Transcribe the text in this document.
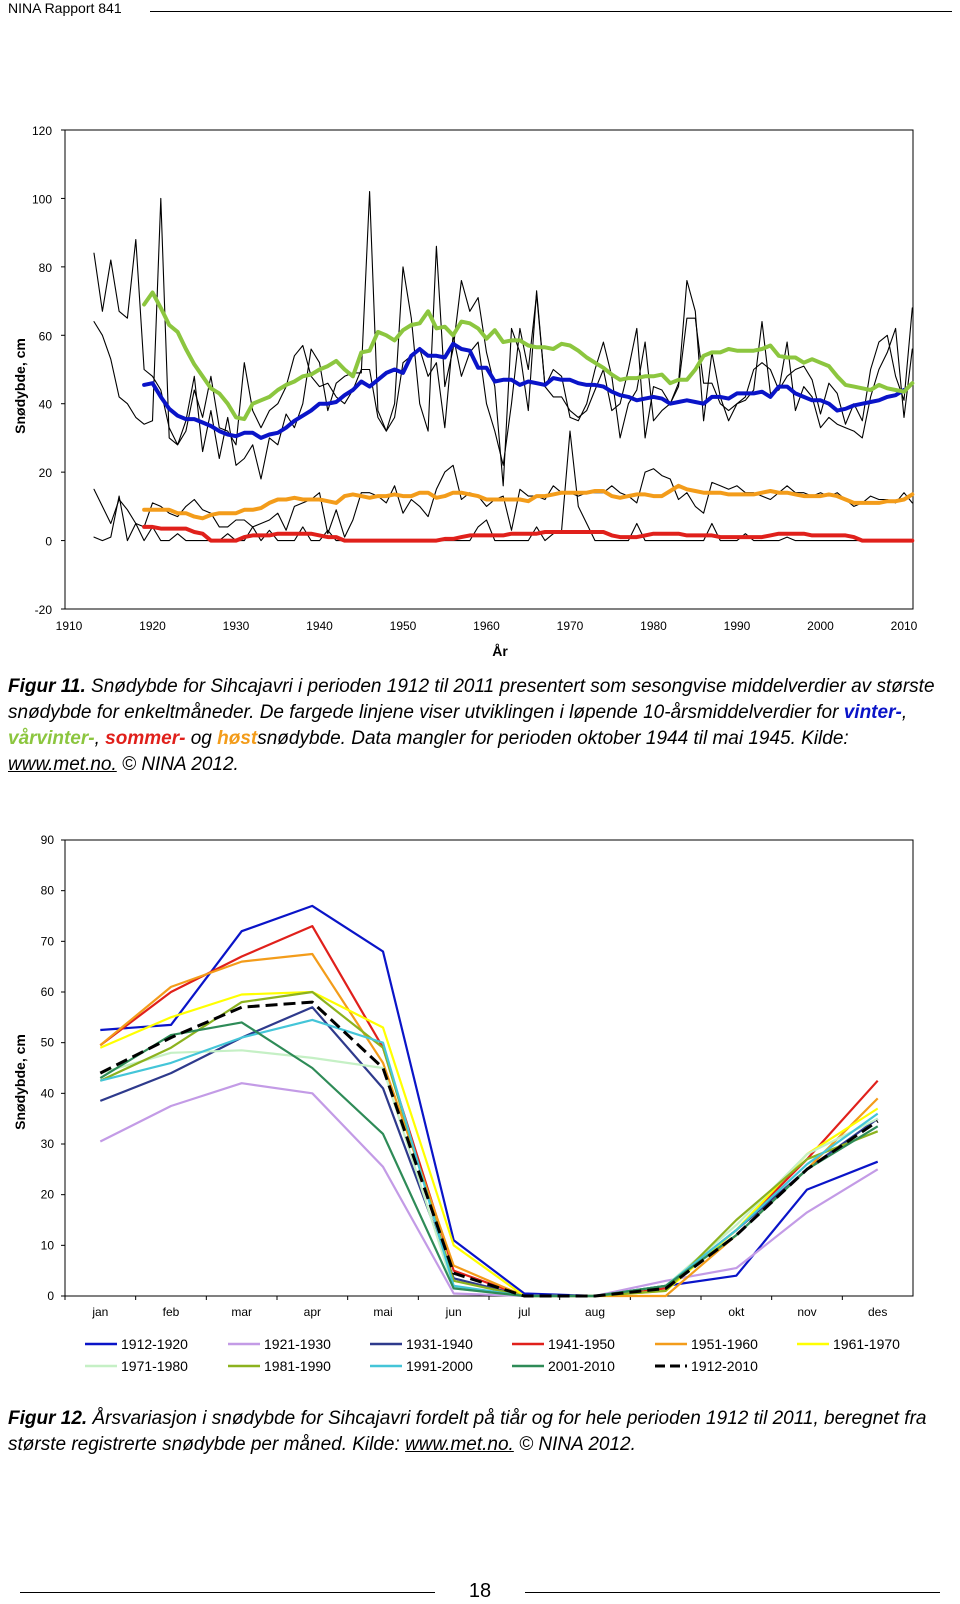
NINA Rapport 841
120
100
80
60
40
20
0
-20
1910	1920	1930	1940	1950	1960	1970	1980	1990	2000	2010
Snødybde, cm
År
Figur 11. Snødybde for Sihcajavri i perioden 1912 til 2011 presentert som sesongvise middelverdier av største snødybde for enkeltmåneder. De fargede linjene viser utviklingen i løpende 10-årsmiddelverdier for vinter-, vårvinter-, sommer- og høstsnødybde. Data mangler for perioden oktober 1944 til mai 1945. Kilde: www.met.no. © NINA 2012.
90
80
70
60
50
40
30
20
10
0
jan	feb	mar	apr	mai	jun	jul	aug	sep	okt	nov	des
1912-1920	1921-1930	1931-1940	1941-1950	1951-1960	1961-1970
1971-1980	1981-1990	1991-2000	2001-2010	1912-2010
Snødybde, cm
Figur 12. Årsvariasjon i snødybde for Sihcajavri fordelt på tiår og for hele perioden 1912 til 2011, beregnet fra største registrerte snødybde per måned. Kilde: www.met.no. © NINA 2012.
18
